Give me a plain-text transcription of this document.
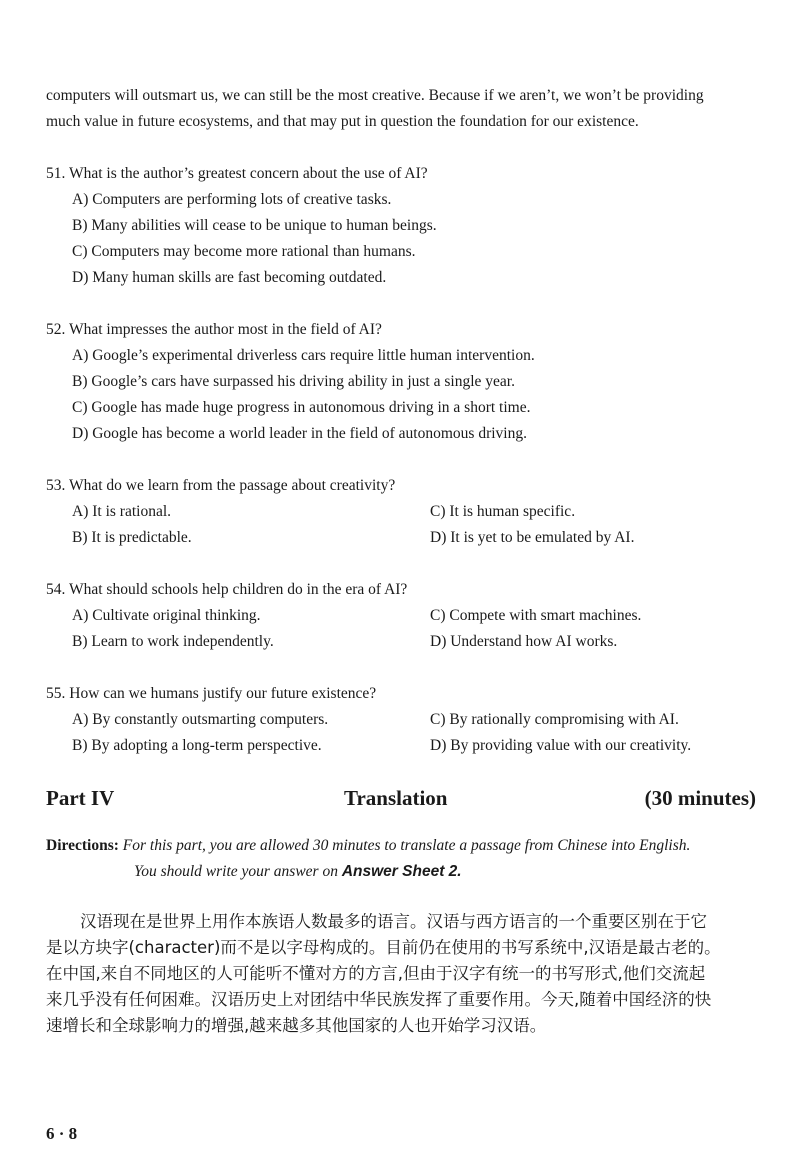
computers will outsmart us, we can still be the most creative. Because if we aren’t, we won’t be providing
much value in future ecosystems, and that may put in question the foundation for our existence.
51. What is the author’s greatest concern about the use of AI?
A) Computers are performing lots of creative tasks.
B) Many abilities will cease to be unique to human beings.
C) Computers may become more rational than humans.
D) Many human skills are fast becoming outdated.
52. What impresses the author most in the field of AI?
A) Google’s experimental driverless cars require little human intervention.
B) Google’s cars have surpassed his driving ability in just a single year.
C) Google has made huge progress in autonomous driving in a short time.
D) Google has become a world leader in the field of autonomous driving.
53. What do we learn from the passage about creativity?
A) It is rational.	C) It is human specific.
B) It is predictable.	D) It is yet to be emulated by AI.
54. What should schools help children do in the era of AI?
A) Cultivate original thinking.	C) Compete with smart machines.
B) Learn to work independently.	D) Understand how AI works.
55. How can we humans justify our future existence?
A) By constantly outsmarting computers.	C) By rationally compromising with AI.
B) By adopting a long-term perspective.	D) By providing value with our creativity.
Part IV	Translation	(30 minutes)
Directions: For this part, you are allowed 30 minutes to translate a passage from Chinese into English.
You should write your answer on Answer Sheet 2.
汉语现在是世界上用作本族语人数最多的语言。汉语与西方语言的一个重要区别在于它
是以方块字(character)而不是以字母构成的。目前仍在使用的书写系统中,汉语是最古老的。
在中国,来自不同地区的人可能听不懂对方的方言,但由于汉字有统一的书写形式,他们交流起
来几乎没有任何困难。汉语历史上对团结中华民族发挥了重要作用。今天,随着中国经济的快
速增长和全球影响力的增强,越来越多其他国家的人也开始学习汉语。
6 · 8
